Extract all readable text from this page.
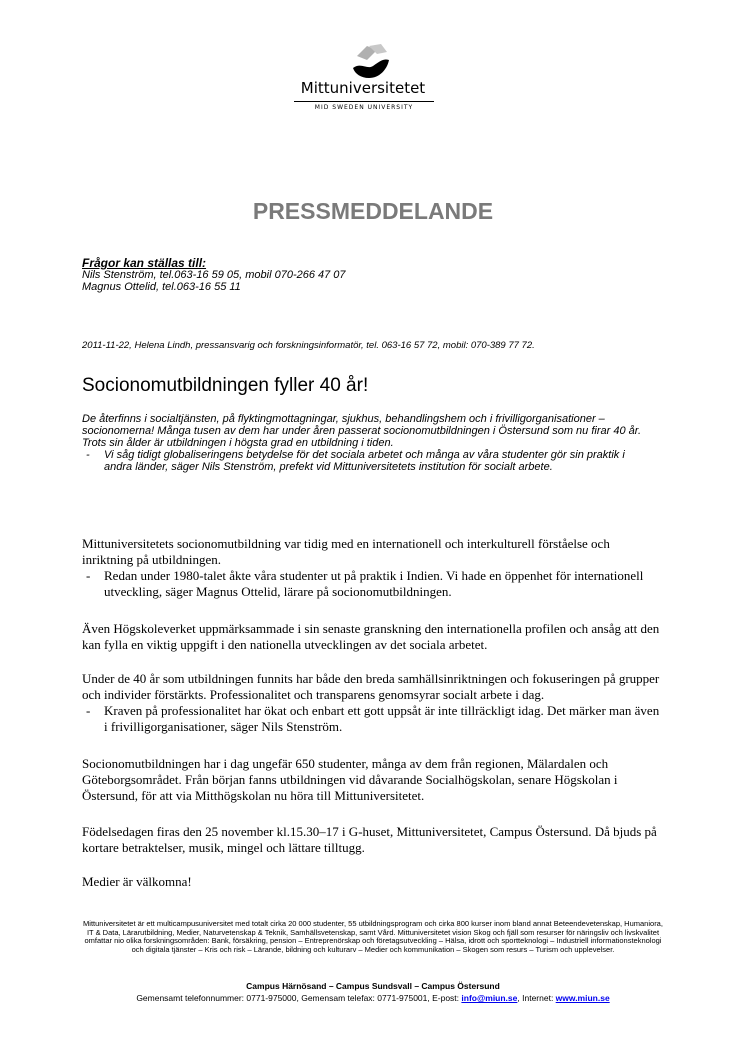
Mittuniversitetet
MID SWEDEN UNIVERSITY
PRESSMEDDELANDE
Frågor kan ställas till:
Nils Stenström, tel.063-16 59 05, mobil 070-266 47 07
Magnus Ottelid, tel.063-16 55 11
2011-11-22, Helena Lindh, pressansvarig och forskningsinformatör, tel. 063-16 57 72, mobil: 070-389 77 72.
Socionomutbildningen fyller 40 år!
De återfinns i socialtjänsten, på flyktingmottagningar, sjukhus, behandlingshem och i frivilligorganisationer – socionomerna! Många tusen av dem har under åren passerat socionomutbildningen i Östersund som nu firar 40 år. Trots sin ålder är utbildningen i högsta grad en utbildning i tiden.
- Vi såg tidigt globaliseringens betydelse för det sociala arbetet och många av våra studenter gör sin praktik i andra länder, säger Nils Stenström, prefekt vid Mittuniversitetets institution för socialt arbete.
Mittuniversitetets socionomutbildning var tidig med en internationell och interkulturell förståelse och inriktning på utbildningen.
- Redan under 1980-talet åkte våra studenter ut på praktik i Indien. Vi hade en öppenhet för internationell utveckling, säger Magnus Ottelid, lärare på socionomutbildningen.
Även Högskoleverket uppmärksammade i sin senaste granskning den internationella profilen och ansåg att den kan fylla en viktig uppgift i den nationella utvecklingen av det sociala arbetet.
Under de 40 år som utbildningen funnits har både den breda samhällsinriktningen och fokuseringen på grupper och individer förstärkts. Professionalitet och transparens genomsyrar socialt arbete i dag.
- Kraven på professionalitet har ökat och enbart ett gott uppsåt är inte tillräckligt idag. Det märker man även i frivilligorganisationer, säger Nils Stenström.
Socionomutbildningen har i dag ungefär 650 studenter, många av dem från regionen, Mälardalen och Göteborgsområdet. Från början fanns utbildningen vid dåvarande Socialhögskolan, senare Högskolan i Östersund, för att via Mitthögskolan nu höra till Mittuniversitetet.
Födelsedagen firas den 25 november kl.15.30–17 i G-huset, Mittuniversitetet, Campus Östersund. Då bjuds på kortare betraktelser, musik, mingel och lättare tilltugg.
Medier är välkomna!
Mittuniversitetet är ett multicampusuniversitet med totalt cirka 20 000 studenter, 55 utbildningsprogram och cirka 800 kurser inom bland annat Beteendevetenskap, Humaniora, IT & Data, Lärarutbildning, Medier, Naturvetenskap & Teknik, Samhällsvetenskap, samt Vård. Mittuniversitetet vision Skog och fjäll som resurser för näringsliv och livskvalitet omfattar nio olika forskningsområden: Bank, försäkring, pension – Entreprenörskap och företagsutveckling – Hälsa, idrott och sportteknologi – Industriell informationsteknologi och digitala tjänster – Kris och risk – Lärande, bildning och kulturarv – Medier och kommunikation – Skogen som resurs – Turism och upplevelser.
Campus Härnösand – Campus Sundsvall – Campus Östersund
Gemensamt telefonnummer: 0771-975000, Gemensam telefax: 0771-975001, E-post: info@miun.se, Internet: www.miun.se
